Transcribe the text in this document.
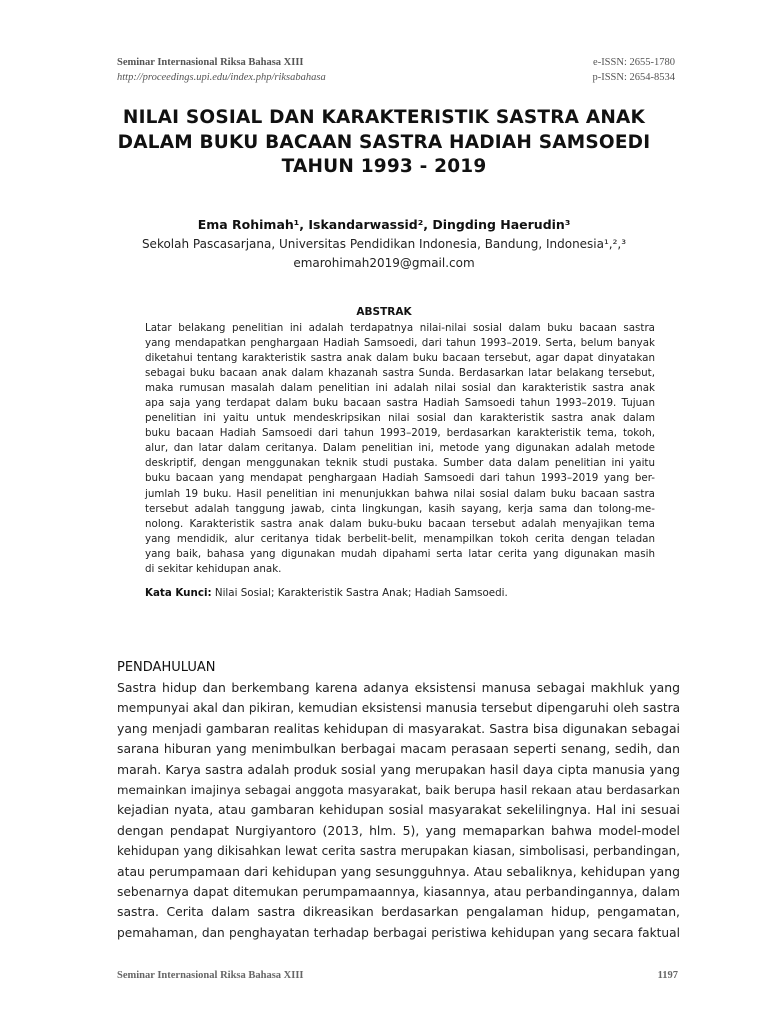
Seminar Internasional Riksa Bahasa XIII
http://proceedings.upi.edu/index.php/riksabahasa
e-ISSN: 2655-1780
p-ISSN: 2654-8534
NILAI SOSIAL DAN KARAKTERISTIK SASTRA ANAK
DALAM BUKU BACAAN SASTRA HADIAH SAMSOEDI
TAHUN 1993 - 2019
Ema Rohimah¹, Iskandarwassid², Dingding Haerudin³
Sekolah Pascasarjana, Universitas Pendidikan Indonesia, Bandung, Indonesia¹,²,³
emarohimah2019@gmail.com
ABSTRAK
Latar belakang penelitian ini adalah terdapatnya nilai-nilai sosial dalam buku bacaan sastra
yang mendapatkan penghargaan Hadiah Samsoedi, dari tahun 1993–2019. Serta, belum banyak
diketahui tentang karakteristik sastra anak dalam buku bacaan tersebut, agar dapat dinyatakan
sebagai buku bacaan anak dalam khazanah sastra Sunda. Berdasarkan latar belakang tersebut,
maka rumusan masalah dalam penelitian ini adalah nilai sosial dan karakteristik sastra anak
apa saja yang terdapat dalam buku bacaan sastra Hadiah Samsoedi tahun 1993–2019. Tujuan
penelitian ini yaitu untuk mendeskripsikan nilai sosial dan karakteristik sastra anak dalam
buku bacaan Hadiah Samsoedi dari tahun 1993–2019, berdasarkan karakteristik tema, tokoh,
alur, dan latar dalam ceritanya. Dalam penelitian ini, metode yang digunakan adalah metode
deskriptif, dengan menggunakan teknik studi pustaka. Sumber data dalam penelitian ini yaitu
buku bacaan yang mendapat penghargaan Hadiah Samsoedi dari tahun 1993–2019 yang ber-
jumlah 19 buku. Hasil penelitian ini menunjukkan bahwa nilai sosial dalam buku bacaan sastra
tersebut adalah tanggung jawab, cinta lingkungan, kasih sayang, kerja sama dan tolong-me-
nolong. Karakteristik sastra anak dalam buku-buku bacaan tersebut adalah menyajikan tema
yang mendidik, alur ceritanya tidak berbelit-belit, menampilkan tokoh cerita dengan teladan
yang baik, bahasa yang digunakan mudah dipahami serta latar cerita yang digunakan masih
di sekitar kehidupan anak.
Kata Kunci: Nilai Sosial; Karakteristik Sastra Anak; Hadiah Samsoedi.
PENDAHULUAN
Sastra hidup dan berkembang karena adanya eksistensi manusa sebagai makhluk yang
mempunyai akal dan pikiran, kemudian eksistensi manusia tersebut dipengaruhi oleh sastra
yang menjadi gambaran realitas kehidupan di masyarakat. Sastra bisa digunakan sebagai
sarana hiburan yang menimbulkan berbagai macam perasaan seperti senang, sedih, dan
marah. Karya sastra adalah produk sosial yang merupakan hasil daya cipta manusia yang
memainkan imajinya sebagai anggota masyarakat, baik berupa hasil rekaan atau berdasarkan
kejadian nyata, atau gambaran kehidupan sosial masyarakat sekelilingnya. Hal ini sesuai
dengan pendapat Nurgiyantoro (2013, hlm. 5), yang memaparkan bahwa model-model
kehidupan yang dikisahkan lewat cerita sastra merupakan kiasan, simbolisasi, perbandingan,
atau perumpamaan dari kehidupan yang sesungguhnya. Atau sebaliknya, kehidupan yang
sebenarnya dapat ditemukan perumpamaannya, kiasannya, atau perbandingannya, dalam
sastra. Cerita dalam sastra dikreasikan berdasarkan pengalaman hidup, pengamatan,
pemahaman, dan penghayatan terhadap berbagai peristiwa kehidupan yang secara faktual
Seminar Internasional Riksa Bahasa XIII	1197
